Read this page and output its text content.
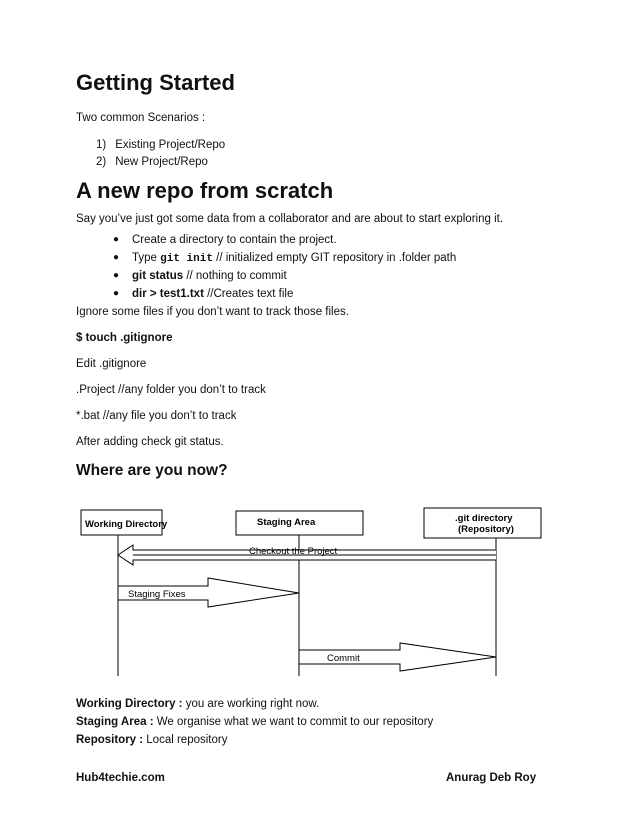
Getting Started
Two common Scenarios :
1) Existing Project/Repo
2) New Project/Repo
A new repo from scratch
Say you’ve just got some data from a collaborator and are about to start exploring it.
● Create a directory to contain the project.
● Type git init // initialized empty GIT repository in .folder path
● git status // nothing to commit
● dir > test1.txt //Creates text file
Ignore some files if you don’t want to track those files.
$ touch .gitignore
Edit .gitignore
.Project //any folder you don’t to track
*.bat //any file you don’t to track
After adding check git status.
Where are you now?
Working Directory	Staging Area	.git directory
(Repository)
Checkout the Project
Staging Fixes
Commit
Working Directory : you are working right now.
Staging Area : We organise what we want to commit to our repository
Repository : Local repository
Hub4techie.com	Anurag Deb Roy
